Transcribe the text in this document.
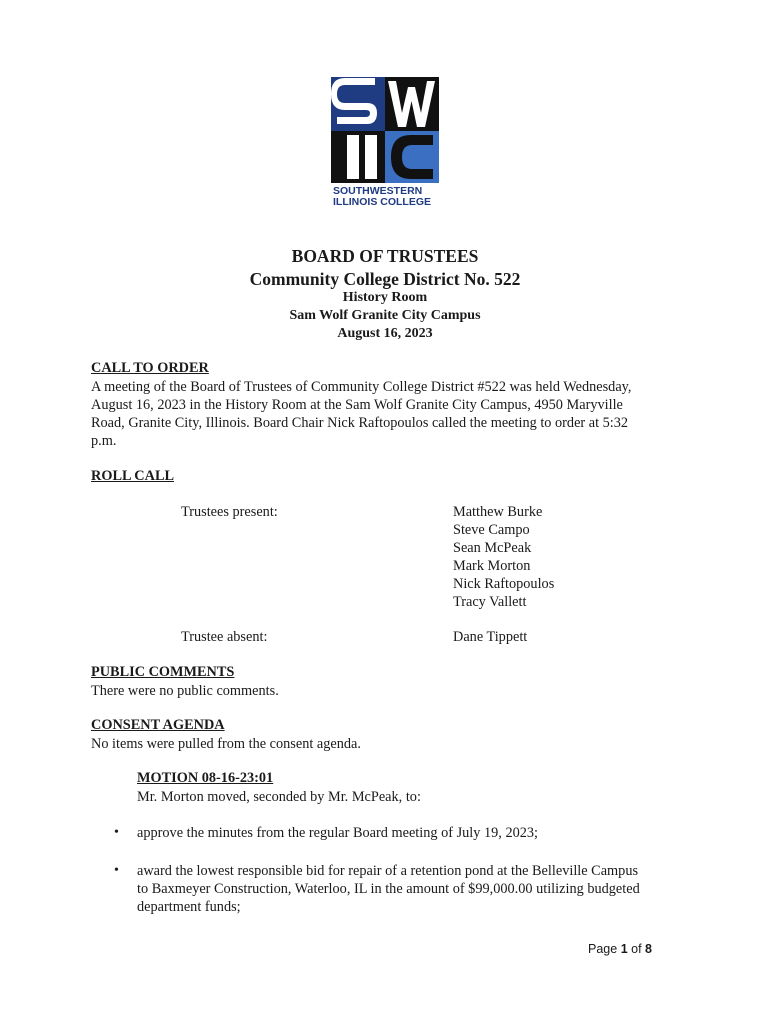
SOUTHWESTERN
ILLINOIS COLLEGE
BOARD OF TRUSTEES
Community College District No. 522
History Room
Sam Wolf Granite City Campus
August 16, 2023
CALL TO ORDER
A meeting of the Board of Trustees of Community College District #522 was held Wednesday,
August 16, 2023 in the History Room at the Sam Wolf Granite City Campus, 4950 Maryville
Road, Granite City, Illinois. Board Chair Nick Raftopoulos called the meeting to order at 5:32
p.m.
ROLL CALL
Trustees present:	Matthew Burke
Steve Campo
Sean McPeak
Mark Morton
Nick Raftopoulos
Tracy Vallett
Trustee absent:	Dane Tippett
PUBLIC COMMENTS
There were no public comments.
CONSENT AGENDA
No items were pulled from the consent agenda.
MOTION 08-16-23:01
Mr. Morton moved, seconded by Mr. McPeak, to:
• approve the minutes from the regular Board meeting of July 19, 2023;
• award the lowest responsible bid for repair of a retention pond at the Belleville Campus
to Baxmeyer Construction, Waterloo, IL in the amount of $99,000.00 utilizing budgeted
department funds;
Page 1 of 8
